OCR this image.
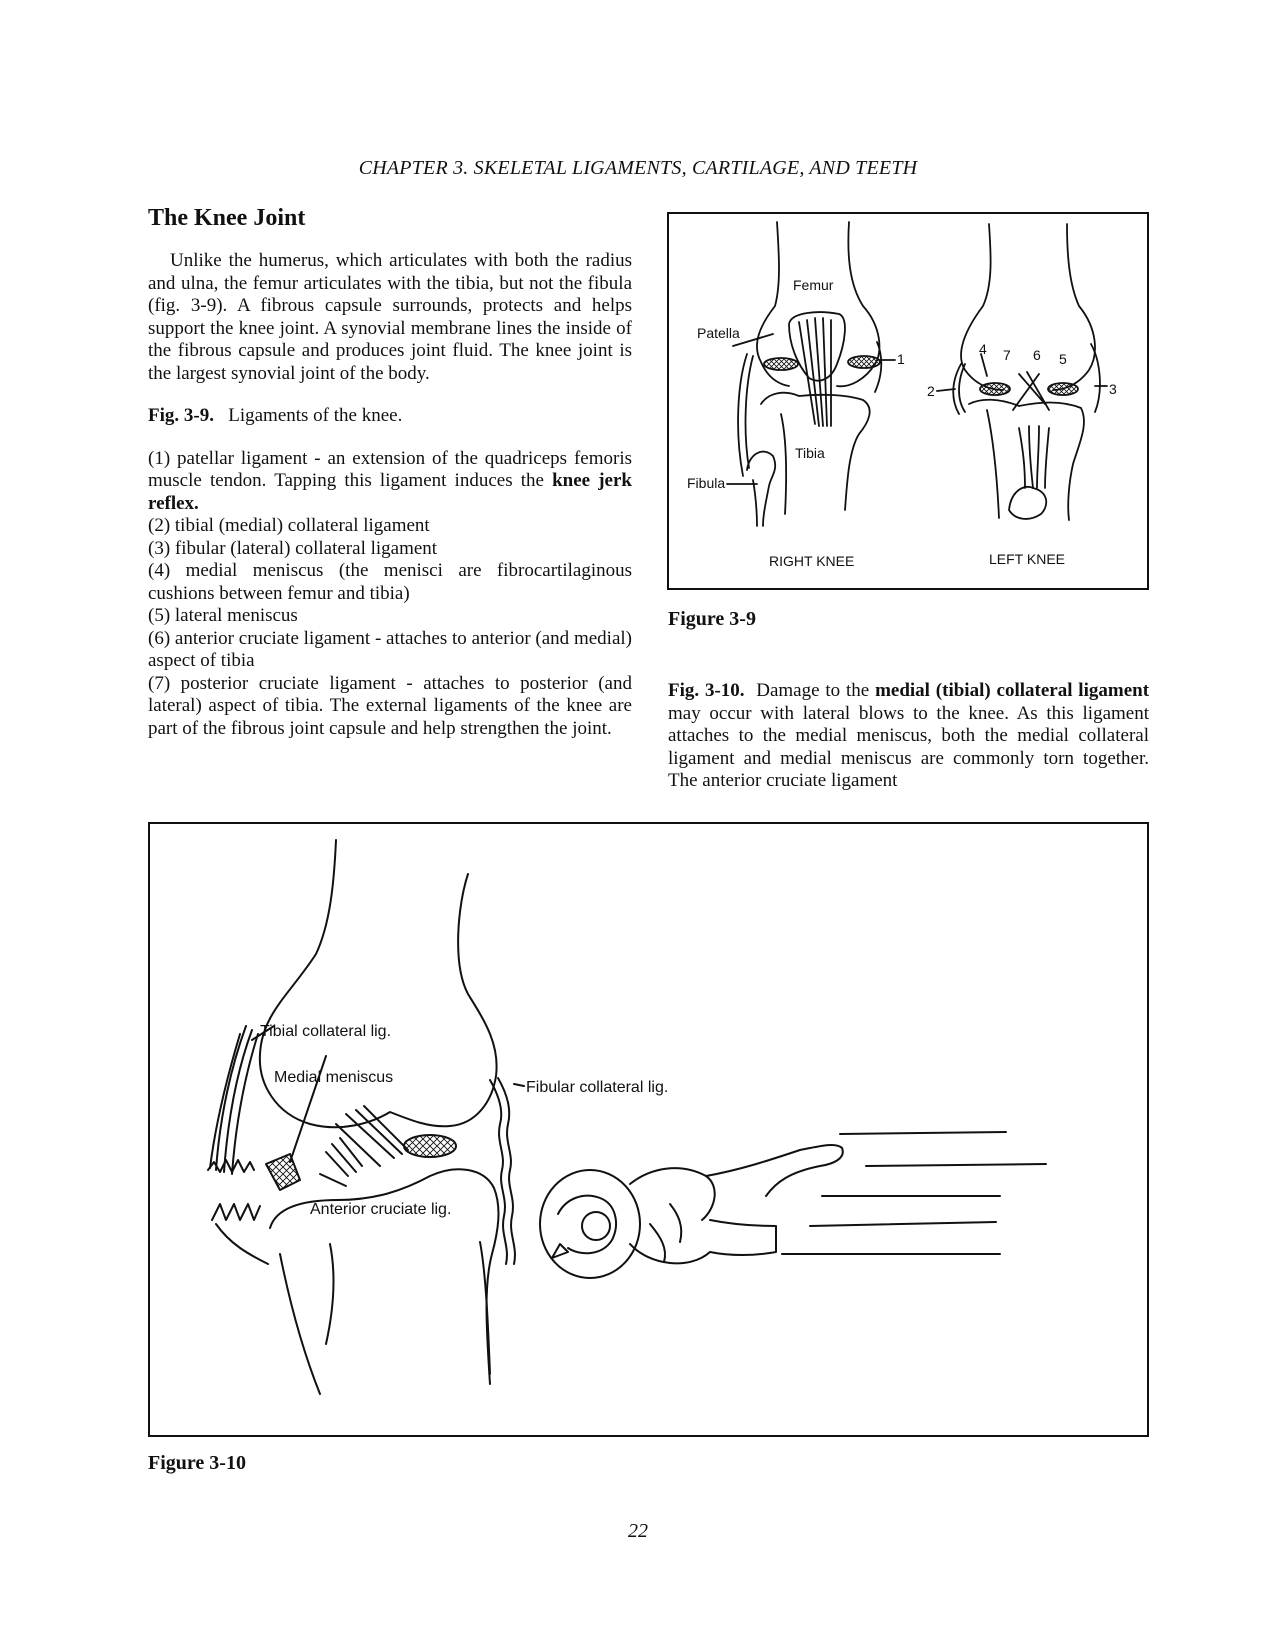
CHAPTER 3. SKELETAL LIGAMENTS, CARTILAGE, AND TEETH
The Knee Joint

Unlike the humerus, which articulates with both the radius and ulna, the femur articulates with the tibia, but not the fibula (fig. 3-9). A fibrous capsule surrounds, protects and helps support the knee joint. A synovial membrane lines the inside of the fibrous capsule and produces joint fluid. The knee joint is the largest synovial joint of the body.

Fig. 3-9. Ligaments of the knee.

(1) patellar ligament - an extension of the quadriceps femoris muscle tendon. Tapping this ligament induces the knee jerk reflex.

(2) tibial (medial) collateral ligament

(3) fibular (lateral) collateral ligament

(4) medial meniscus (the menisci are fibrocartilaginous cushions between femur and tibia)

(5) lateral meniscus

(6) anterior cruciate ligament - attaches to anterior (and medial) aspect of tibia

(7) posterior cruciate ligament - attaches to posterior (and lateral) aspect of tibia. The external ligaments of the knee are part of the fibrous joint capsule and help strengthen the joint.

Femur
Patella
Tibia
Fibula
1
2	3
4
5
6
7
RIGHT KNEE	LEFT KNEE
Figure 3-9

Fig. 3-10. Damage to the medial (tibial) collateral ligament may occur with lateral blows to the knee. As this ligament attaches to the medial meniscus, both the medial collateral ligament and medial meniscus are commonly torn together. The anterior cruciate ligament

Tibial collateral lig.
Medial meniscus
Fibular collateral lig.
Anterior cruciate lig.
Figure 3-10
22
